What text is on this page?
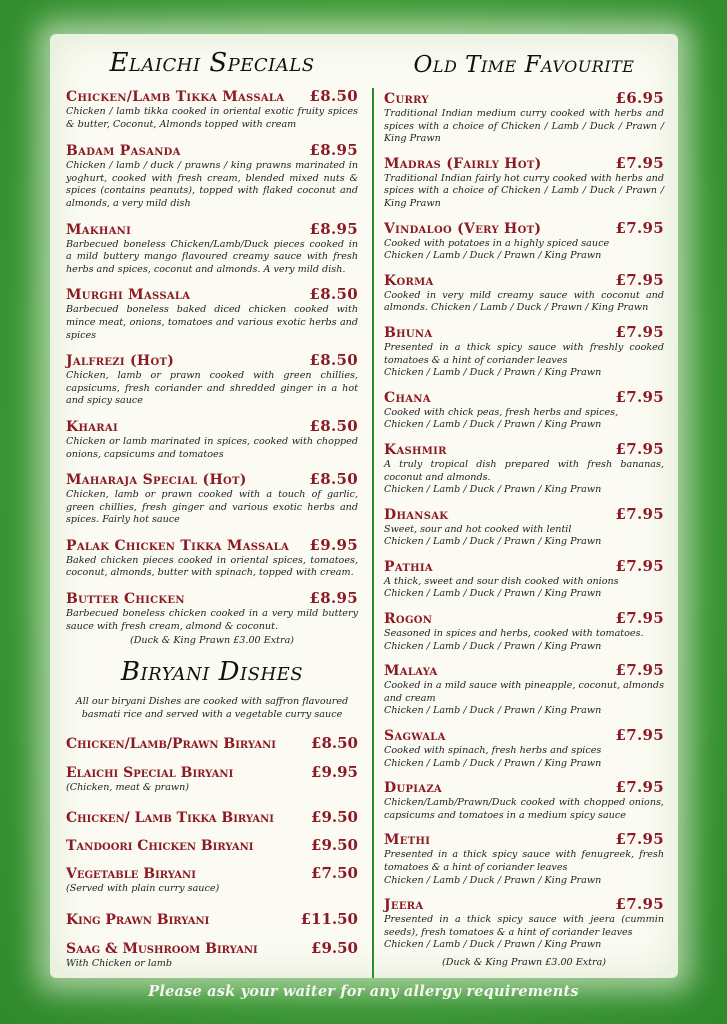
Elaichi Specials
Chicken/Lamb Tikka Massala £8.50
Chicken / lamb tikka cooked in oriental exotic fruity spices & butter, Coconut, Almonds topped with cream
Badam Pasanda	£8.95
Chicken / lamb / duck / prawns / king prawns marinated in yoghurt, cooked with fresh cream, blended mixed nuts & spices (contains peanuts), topped with flaked coconut and almonds, a very mild dish
Makhani	£8.95
Barbecued boneless Chicken/Lamb/Duck pieces cooked in a mild buttery mango flavoured creamy sauce with fresh herbs and spices, coconut and almonds. A very mild dish.
Murghi Massala	£8.50
Barbecued boneless baked diced chicken cooked with mince meat, onions, tomatoes and various exotic herbs and spices
Jalfrezi (Hot)	£8.50
Chicken, lamb or prawn cooked with green chillies, capsicums, fresh coriander and shredded ginger in a hot and spicy sauce
Kharai	£8.50
Chicken or lamb marinated in spices, cooked with chopped onions, capsicums and tomatoes
Maharaja Special (Hot)	£8.50
Chicken, lamb or prawn cooked with a touch of garlic, green chillies, fresh ginger and various exotic herbs and spices. Fairly hot sauce
Palak Chicken Tikka Massala £9.95
Baked chicken pieces cooked in oriental spices, tomatoes, coconut, almonds, butter with spinach, topped with cream.
Butter Chicken	£8.95
Barbecued boneless chicken cooked in a very mild buttery sauce with fresh cream, almond & coconut.
(Duck & King Prawn £3.00 Extra)
Biryani Dishes
All our biryani Dishes are cooked with saffron flavoured basmati rice and served with a vegetable curry sauce
Chicken/Lamb/Prawn Biryani £8.50
Elaichi Special Biryani	£9.95
(Chicken, meat & prawn)
Chicken/ Lamb Tikka Biryani £9.50
Tandoori Chicken Biryani	£9.50
Vegetable Biryani	£7.50
(Served with plain curry sauce)
King Prawn Biryani	£11.50
Saag & Mushroom Biryani	£9.50
With Chicken or lamb
Old Time Favourite
Curry	£6.95
Traditional Indian medium curry cooked with herbs and spices with a choice of Chicken / Lamb / Duck / Prawn / King Prawn
Madras (Fairly Hot)	£7.95
Traditional Indian fairly hot curry cooked with herbs and spices with a choice of Chicken / Lamb / Duck / Prawn / King Prawn
Vindaloo (Very Hot)	£7.95
Cooked with potatoes in a highly spiced sauce
Chicken / Lamb / Duck / Prawn / King Prawn
Korma	£7.95
Cooked in very mild creamy sauce with coconut and almonds. Chicken / Lamb / Duck / Prawn / King Prawn
Bhuna	£7.95
Presented in a thick spicy sauce with freshly cooked tomatoes & a hint of coriander leaves
Chicken / Lamb / Duck / Prawn / King Prawn
Chana	£7.95
Cooked with chick peas, fresh herbs and spices,
Chicken / Lamb / Duck / Prawn / King Prawn
Kashmir	£7.95
A truly tropical dish prepared with fresh bananas, coconut and almonds.
Chicken / Lamb / Duck / Prawn / King Prawn
Dhansak	£7.95
Sweet, sour and hot cooked with lentil
Chicken / Lamb / Duck / Prawn / King Prawn
Pathia	£7.95
A thick, sweet and sour dish cooked with onions
Chicken / Lamb / Duck / Prawn / King Prawn
Rogon	£7.95
Seasoned in spices and herbs, cooked with tomatoes.
Chicken / Lamb / Duck / Prawn / King Prawn
Malaya	£7.95
Cooked in a mild sauce with pineapple, coconut, almonds and cream
Chicken / Lamb / Duck / Prawn / King Prawn
Sagwala	£7.95
Cooked with spinach, fresh herbs and spices
Chicken / Lamb / Duck / Prawn / King Prawn
Dupiaza	£7.95
Chicken/Lamb/Prawn/Duck cooked with chopped onions, capsicums and tomatoes in a medium spicy sauce
Methi	£7.95
Presented in a thick spicy sauce with fenugreek, fresh tomatoes & a hint of coriander leaves
Chicken / Lamb / Duck / Prawn / King Prawn
Jeera	£7.95
Presented in a thick spicy sauce with jeera (cummin seeds), fresh tomatoes & a hint of coriander leaves
Chicken / Lamb / Duck / Prawn / King Prawn
(Duck & King Prawn £3.00 Extra)
Please ask your waiter for any allergy requirements
